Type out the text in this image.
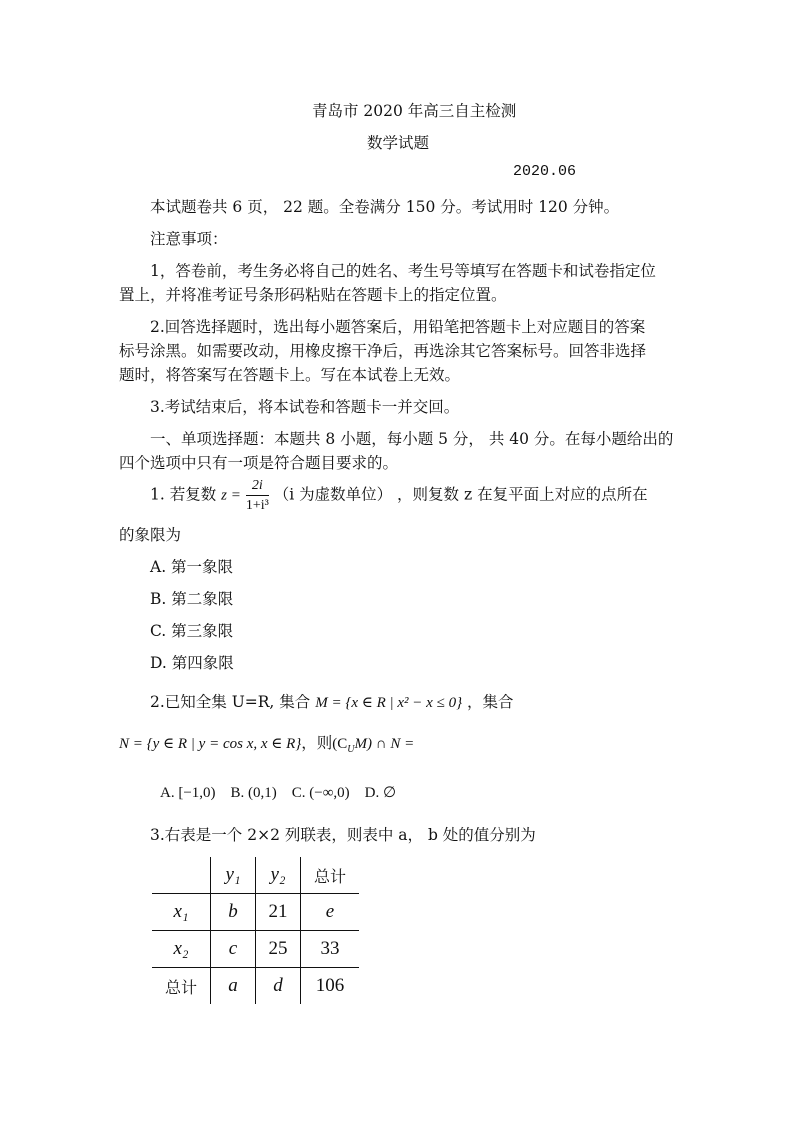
青岛市 2020 年高三自主检测
数学试题
2020.06
本试题卷共 6 页， 22 题。全卷满分 150 分。考试用时 120 分钟。
注意事项：
1，答卷前，考生务必将自己的姓名、考生号等填写在答题卡和试卷指定位
置上，并将准考证号条形码粘贴在答题卡上的指定位置。
2.回答选择题时，选出每小题答案后，用铅笔把答题卡上对应题目的答案
标号涂黑。如需要改动，用橡皮擦干净后，再选涂其它答案标号。回答非选择
题时，将答案写在答题卡上。写在本试卷上无效。
3.考试结束后，将本试卷和答题卡一并交回。
一、单项选择题：本题共 8 小题，每小题 5 分， 共 40 分。在每小题给出的
四个选项中只有一项是符合题目要求的。
1. 若复数 $z = \frac{2i}{\text{1+i³}} (i$ 为虚数单位） ，则复数 z 在复平面上对应的点所在
的象限为
A. 第一象限
B. 第二象限
C. 第三象限
D. 第四象限
2.已知全集 U=R, 集合 M = {x ∈ R | x² − x ≤ 0} ，集合
N = {y ∈ R | y = cos x, x ∈ R}，则$(C_UM)$ ∩ N =
A. [−1,0)    B. (0,1)    C. (−∞,0)    D. ∅
3.右表是一个 2×2 列联表，则表中 a， b 处的值分别为
	y₁	y₂	总计
x₁	b	21	e
x₂	c	25	33
总计	a	d	106
